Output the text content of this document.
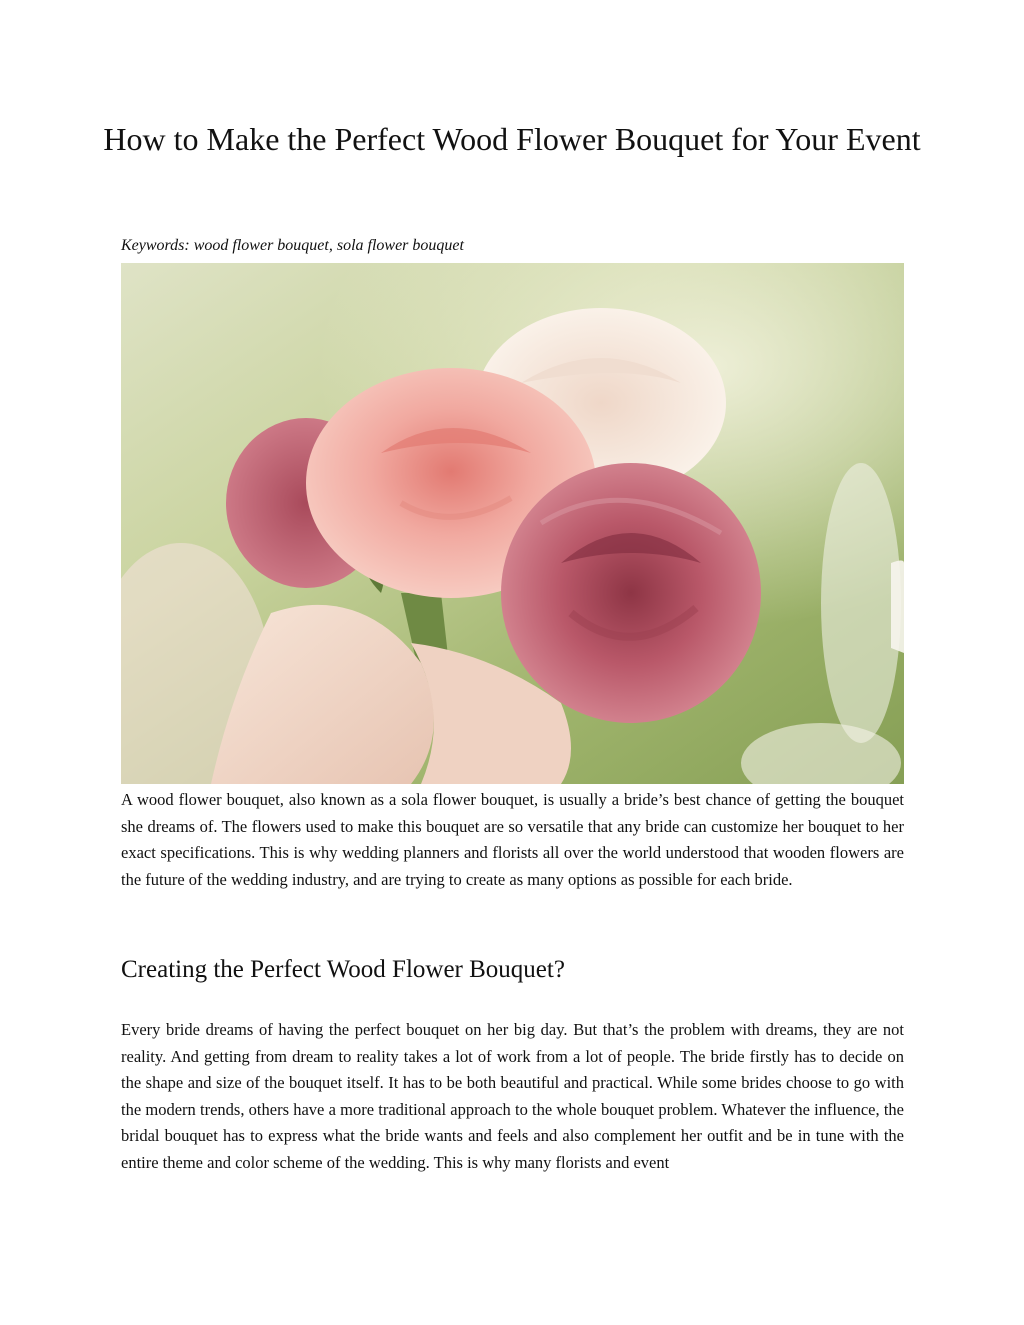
How to Make the Perfect Wood Flower Bouquet for Your Event

Keywords: wood flower bouquet, sola flower bouquet

A wood flower bouquet, also known as a sola flower bouquet, is usually a bride’s best chance of getting the bouquet she dreams of. The flowers used to make this bouquet are so versatile that any bride can customize her bouquet to her exact specifications. This is why wedding planners and florists all over the world understood that wooden flowers are the future of the wedding industry, and are trying to create as many options as possible for each bride.

Creating the Perfect Wood Flower Bouquet?

Every bride dreams of having the perfect bouquet on her big day. But that’s the problem with dreams, they are not reality. And getting from dream to reality takes a lot of work from a lot of people. The bride firstly has to decide on the shape and size of the bouquet itself. It has to be both beautiful and practical. While some brides choose to go with the modern trends, others have a more traditional approach to the whole bouquet problem. Whatever the influence, the bridal bouquet has to express what the bride wants and feels and also complement her outfit and be in tune with the entire theme and color scheme of the wedding. This is why many florists and event
